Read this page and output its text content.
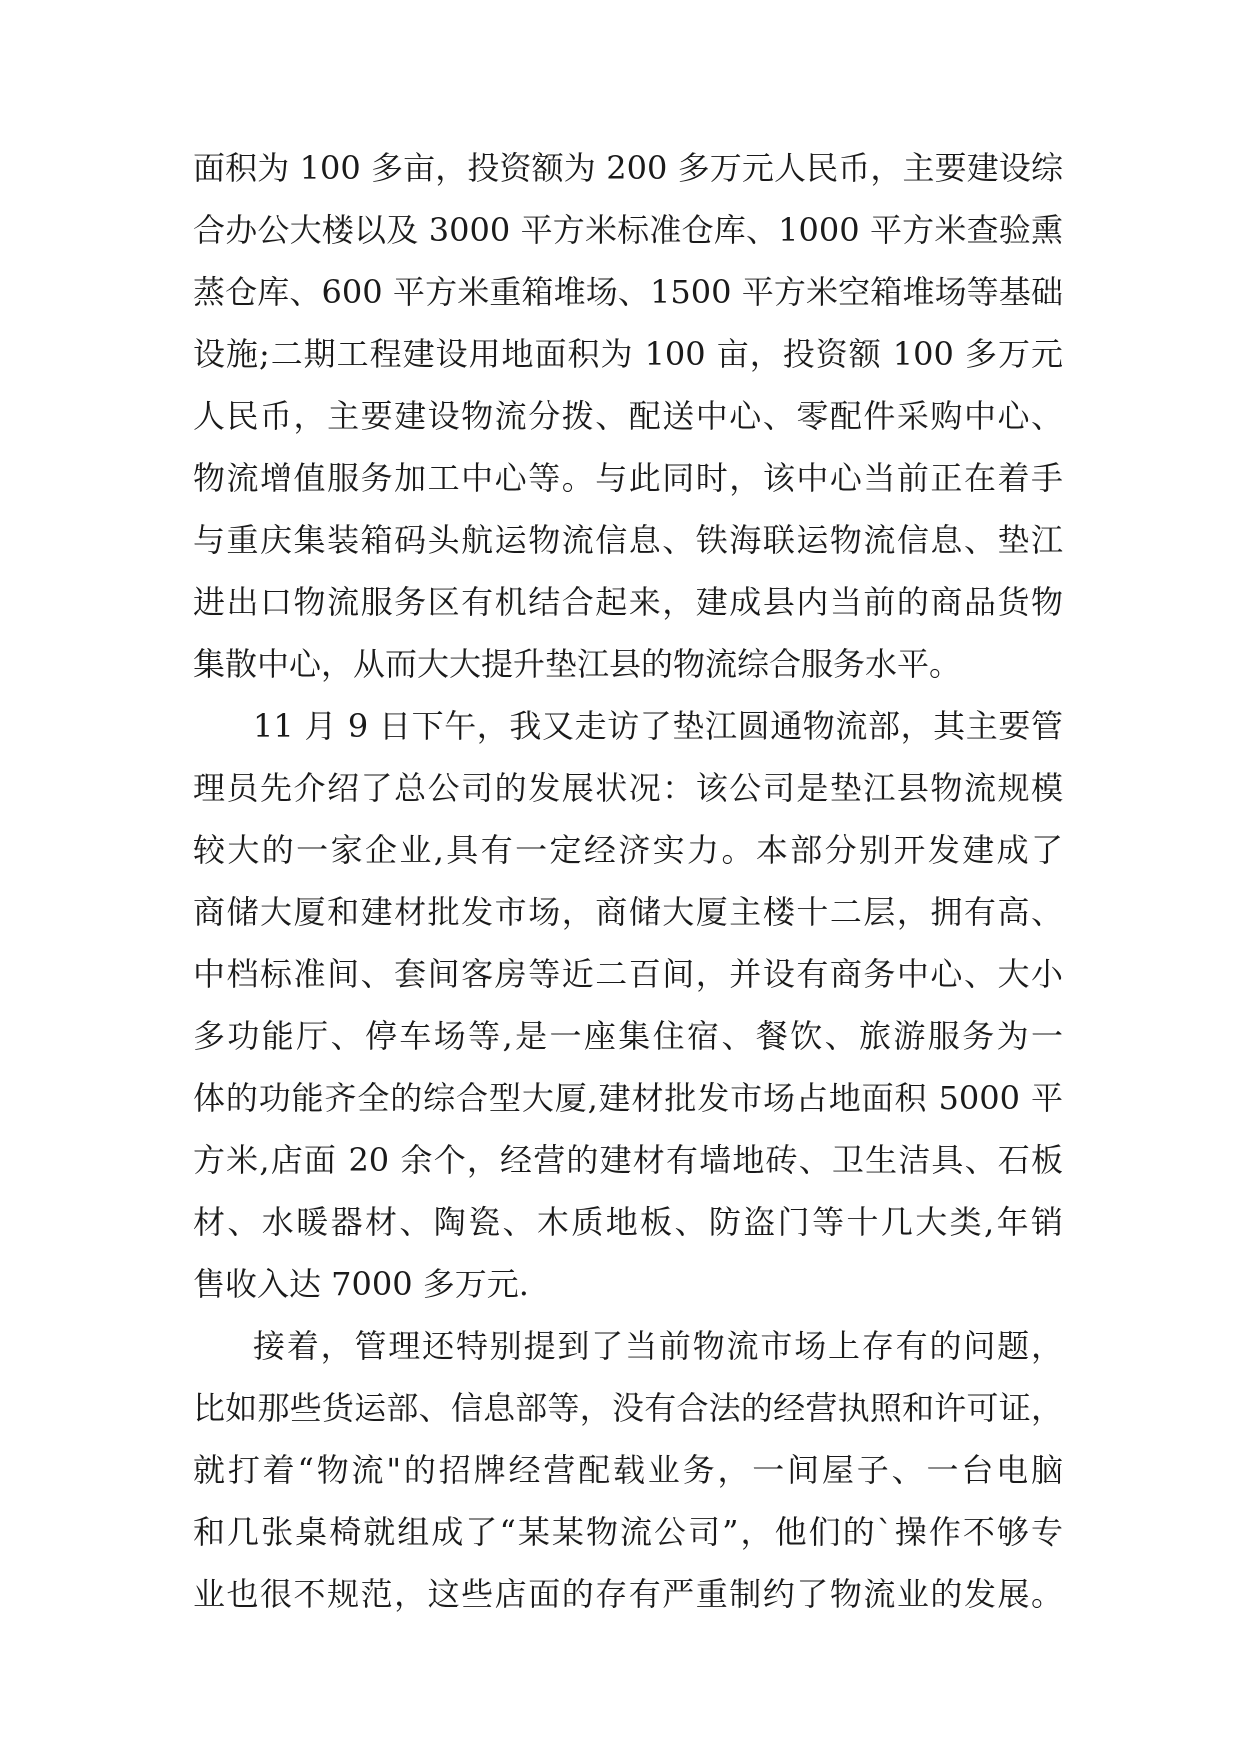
面积为 100 多亩，投资额为 200 多万元人民币，主要建设综
合办公大楼以及 3000 平方米标准仓库、1000 平方米查验熏
蒸仓库、600 平方米重箱堆场、1500 平方米空箱堆场等基础
设施;二期工程建设用地面积为 100 亩，投资额 100 多万元
人民币，主要建设物流分拨、配送中心、零配件采购中心、
物流增值服务加工中心等。与此同时，该中心当前正在着手
与重庆集装箱码头航运物流信息、铁海联运物流信息、垫江
进出口物流服务区有机结合起来，建成县内当前的商品货物
集散中心，从而大大提升垫江县的物流综合服务水平。
11 月 9 日下午，我又走访了垫江圆通物流部，其主要管
理员先介绍了总公司的发展状况：该公司是垫江县物流规模
较大的一家企业,具有一定经济实力。本部分别开发建成了
商储大厦和建材批发市场，商储大厦主楼十二层，拥有高、
中档标准间、套间客房等近二百间，并设有商务中心、大小
多功能厅、停车场等,是一座集住宿、餐饮、旅游服务为一
体的功能齐全的综合型大厦,建材批发市场占地面积 5000 平
方米,店面 20 余个，经营的建材有墙地砖、卫生洁具、石板
材、水暖器材、陶瓷、木质地板、防盗门等十几大类,年销
售收入达 7000 多万元.
接着，管理还特别提到了当前物流市场上存有的问题，
比如那些货运部、信息部等，没有合法的经营执照和许可证，
就打着“物流"的招牌经营配载业务，一间屋子、一台电脑
和几张桌椅就组成了“某某物流公司”，他们的`操作不够专
业也很不规范，这些店面的存有严重制约了物流业的发展。
